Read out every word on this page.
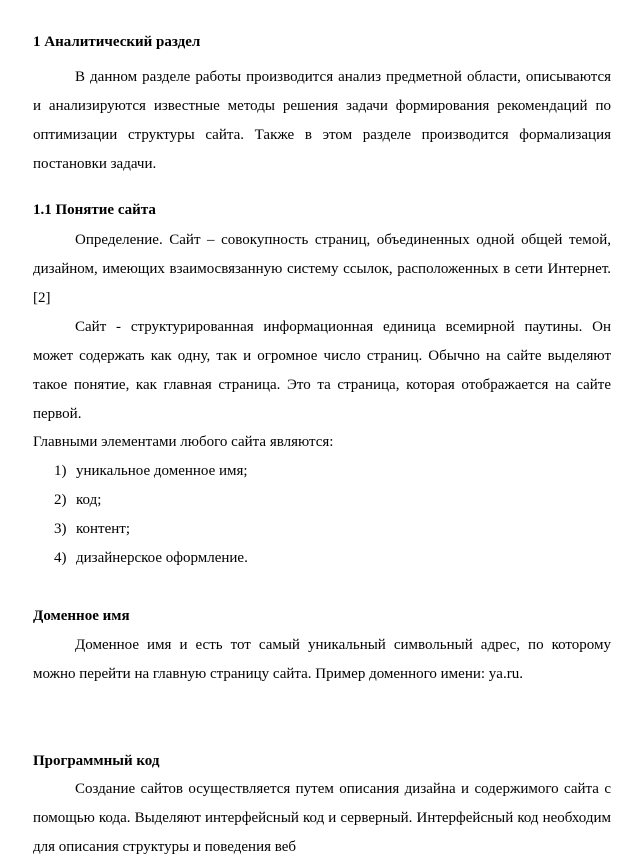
1 Аналитический раздел

В данном разделе работы производится анализ предметной области, описываются и анализируются известные методы решения задачи формирования рекомендаций по оптимизации структуры сайта. Также в этом разделе производится формализация постановки задачи.

1.1 Понятие сайта

Определение. Сайт – совокупность страниц, объединенных одной общей темой, дизайном, имеющих взаимосвязанную систему ссылок, расположенных в сети Интернет.[2]

Сайт - структурированная информационная единица всемирной паутины. Он может содержать как одну, так и огромное число страниц. Обычно на сайте выделяют такое понятие, как главная страница. Это та страница, которая отображается на сайте первой.

Главными элементами любого сайта являются:

1) уникальное доменное имя;
2) код;
3) контент;
4) дизайнерское оформление.
Доменное имя

Доменное имя и есть тот самый уникальный символьный адрес, по которому можно перейти на главную страницу сайта. Пример доменного имени: ya.ru.

Программный код

Создание сайтов осуществляется путем описания дизайна и содержимого сайта с помощью кода. Выделяют интерфейсный код и серверный. Интерфейсный код необходим для описания структуры и поведения веб
